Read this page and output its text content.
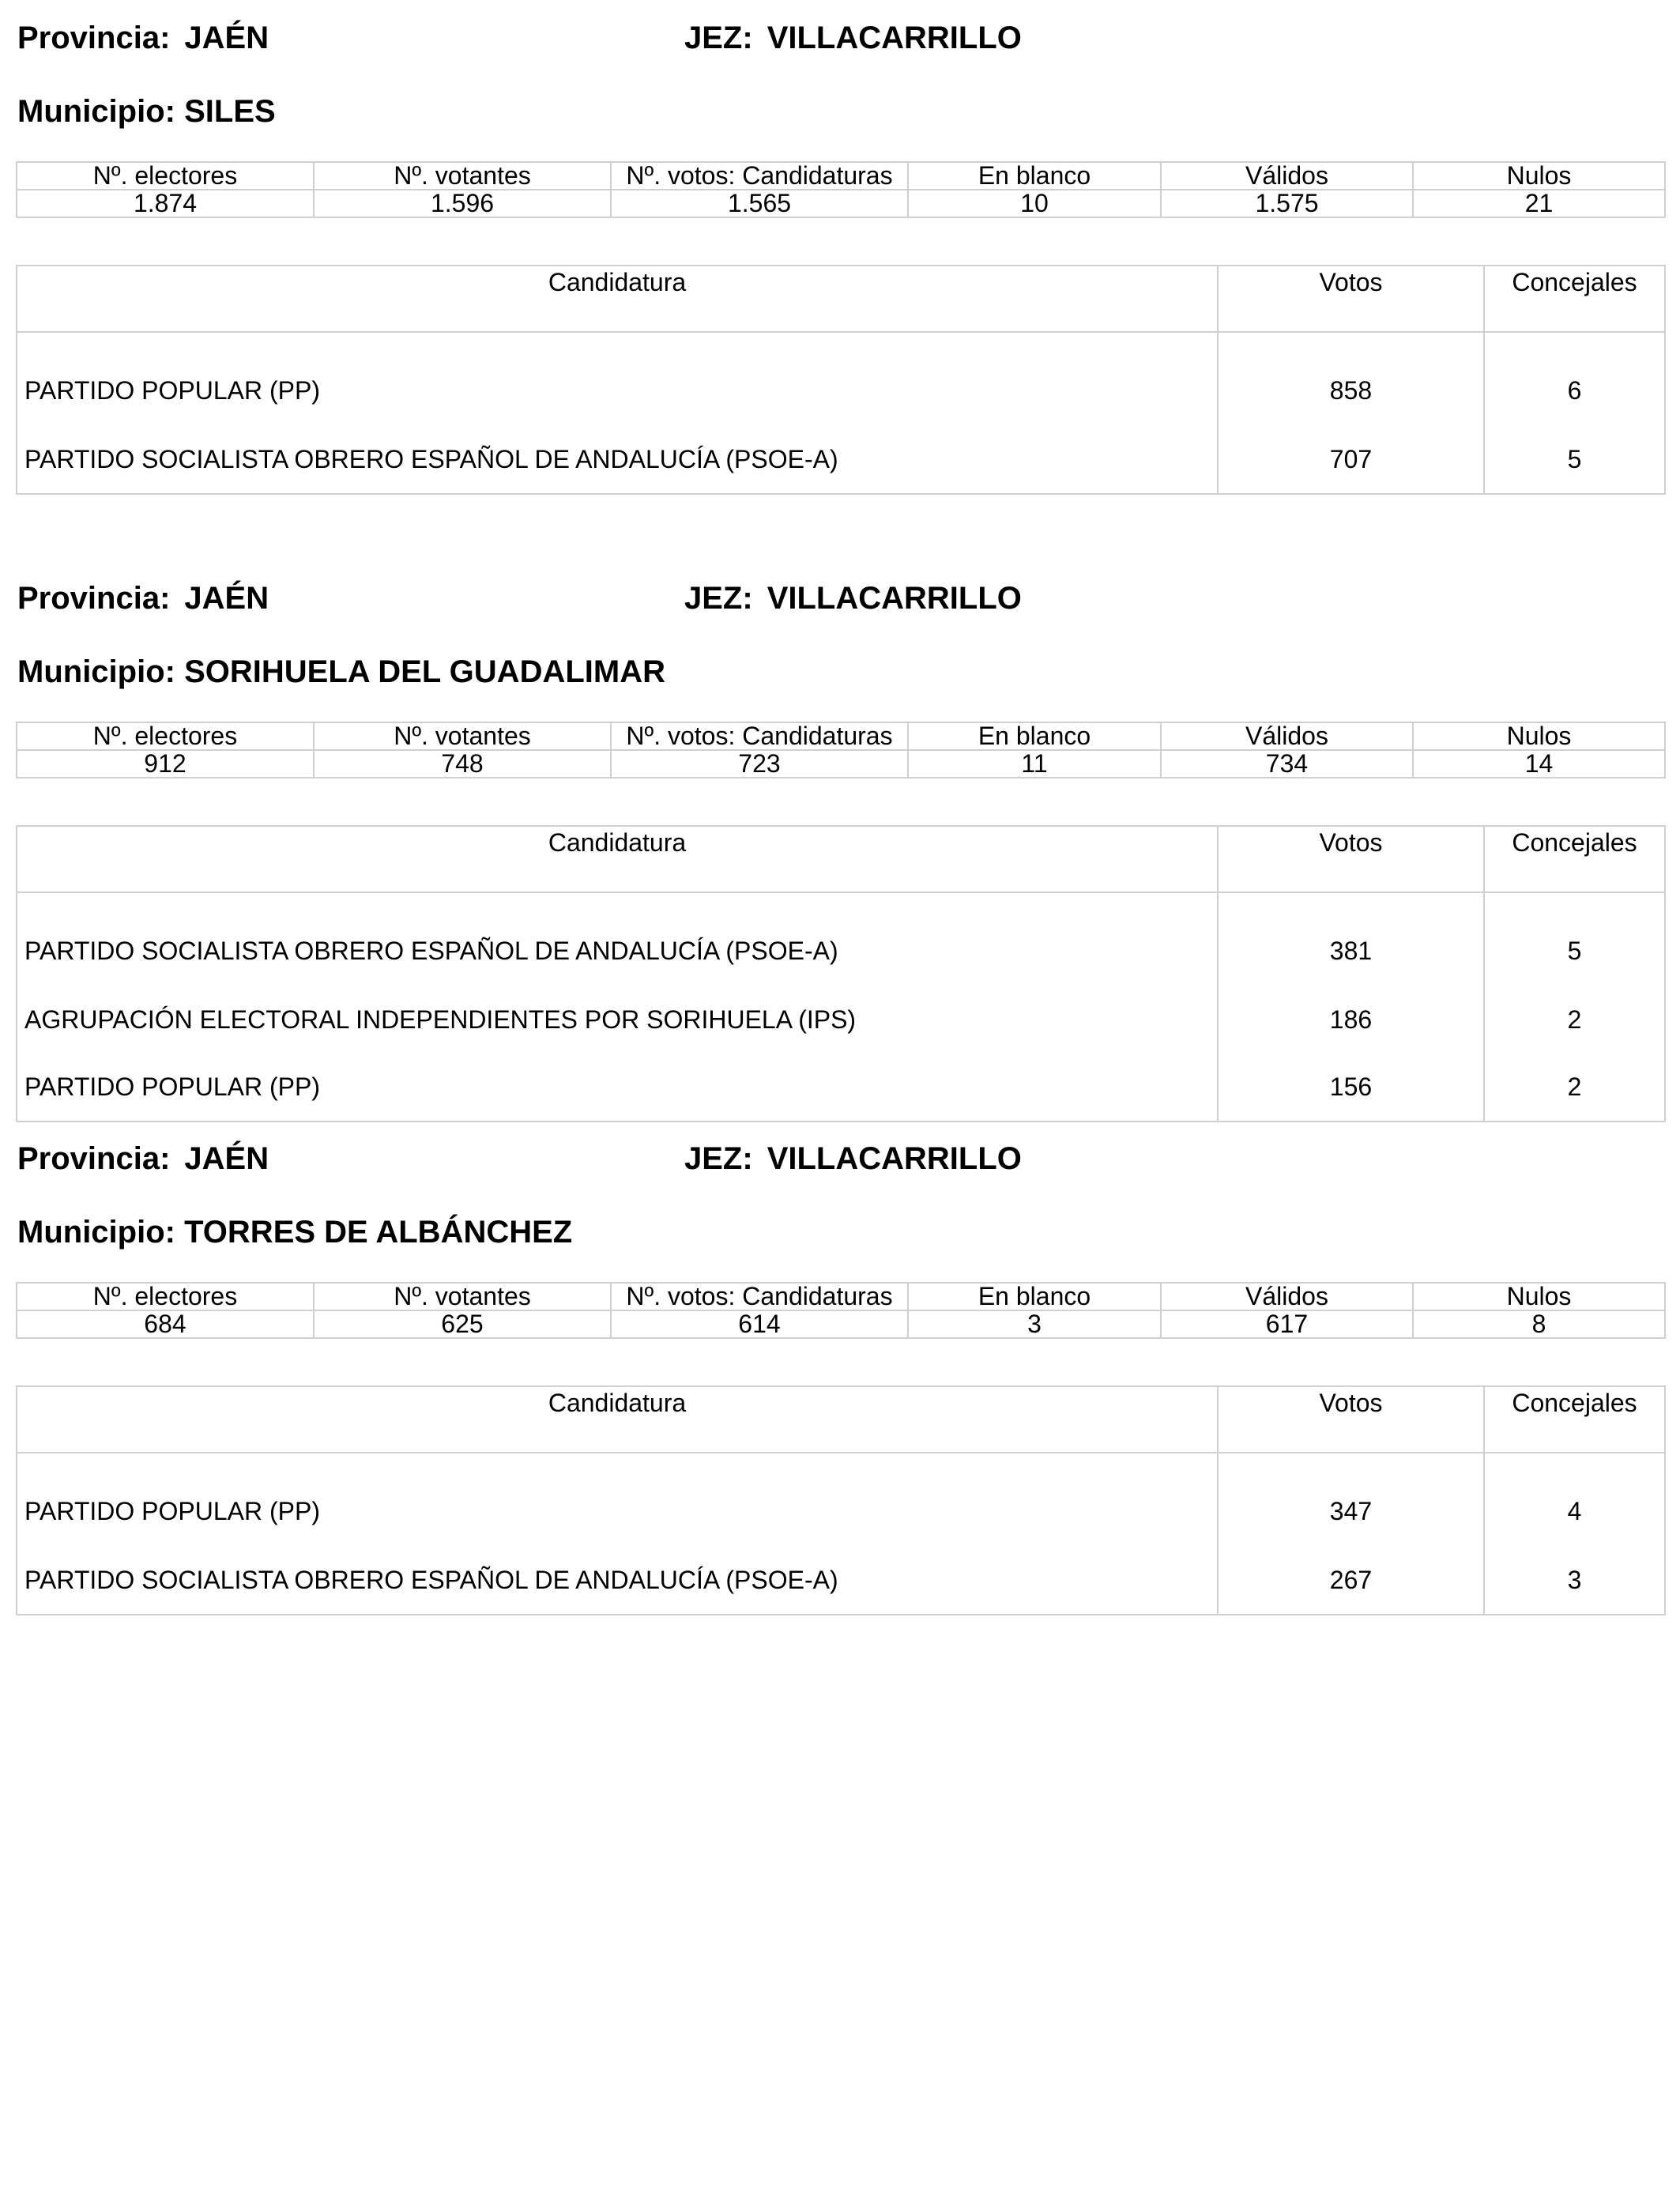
Provincia: JAÉN	JEZ: VILLACARRILLO
Municipio: SILES
Nº. electores	Nº. votantes	Nº. votos: Candidaturas	En blanco	Válidos	Nulos
1.874	1.596	1.565	10	1.575	21
Candidatura	Votos	Concejales
PARTIDO POPULAR (PP)	858	6
PARTIDO SOCIALISTA OBRERO ESPAÑOL DE ANDALUCÍA (PSOE-A)	707	5
Provincia: JAÉN	JEZ: VILLACARRILLO
Municipio: SORIHUELA DEL GUADALIMAR
Nº. electores	Nº. votantes	Nº. votos: Candidaturas	En blanco	Válidos	Nulos
912	748	723	11	734	14
Candidatura	Votos	Concejales
PARTIDO SOCIALISTA OBRERO ESPAÑOL DE ANDALUCÍA (PSOE-A)	381	5
AGRUPACIÓN ELECTORAL INDEPENDIENTES POR SORIHUELA (IPS)	186	2
PARTIDO POPULAR (PP)	156	2
Provincia: JAÉN	JEZ: VILLACARRILLO
Municipio: TORRES DE ALBÁNCHEZ
Nº. electores	Nº. votantes	Nº. votos: Candidaturas	En blanco	Válidos	Nulos
684	625	614	3	617	8
Candidatura	Votos	Concejales
PARTIDO POPULAR (PP)	347	4
PARTIDO SOCIALISTA OBRERO ESPAÑOL DE ANDALUCÍA (PSOE-A)	267	3
